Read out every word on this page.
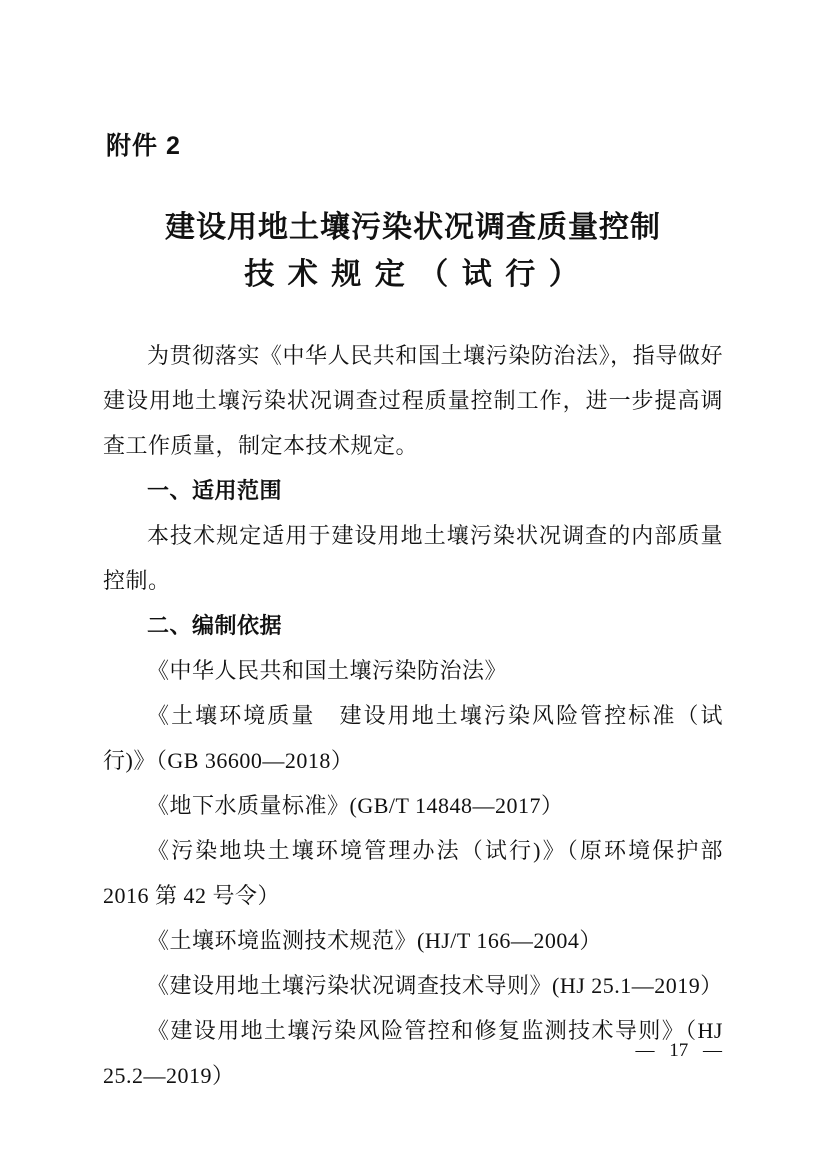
附件 2
建设用地土壤污染状况调查质量控制
技 术 规 定 （ 试 行 ）

为贯彻落实《中华人民共和国土壤污染防治法》，指导做好建设用地土壤污染状况调查过程质量控制工作，进一步提高调查工作质量，制定本技术规定。

一、适用范围

本技术规定适用于建设用地土壤污染状况调查的内部质量控制。

二、编制依据

《中华人民共和国土壤污染防治法》

《土壤环境质量　建设用地土壤污染风险管控标准（试行)》（GB 36600—2018）

《地下水质量标准》(GB/T 14848—2017）

《污染地块土壤环境管理办法（试行)》（原环境保护部 2016 第 42 号令）

《土壤环境监测技术规范》(HJ/T 166—2004）

《建设用地土壤污染状况调查技术导则》(HJ 25.1—2019）

《建设用地土壤污染风险管控和修复监测技术导则》（HJ 25.2—2019）

— 17 —
